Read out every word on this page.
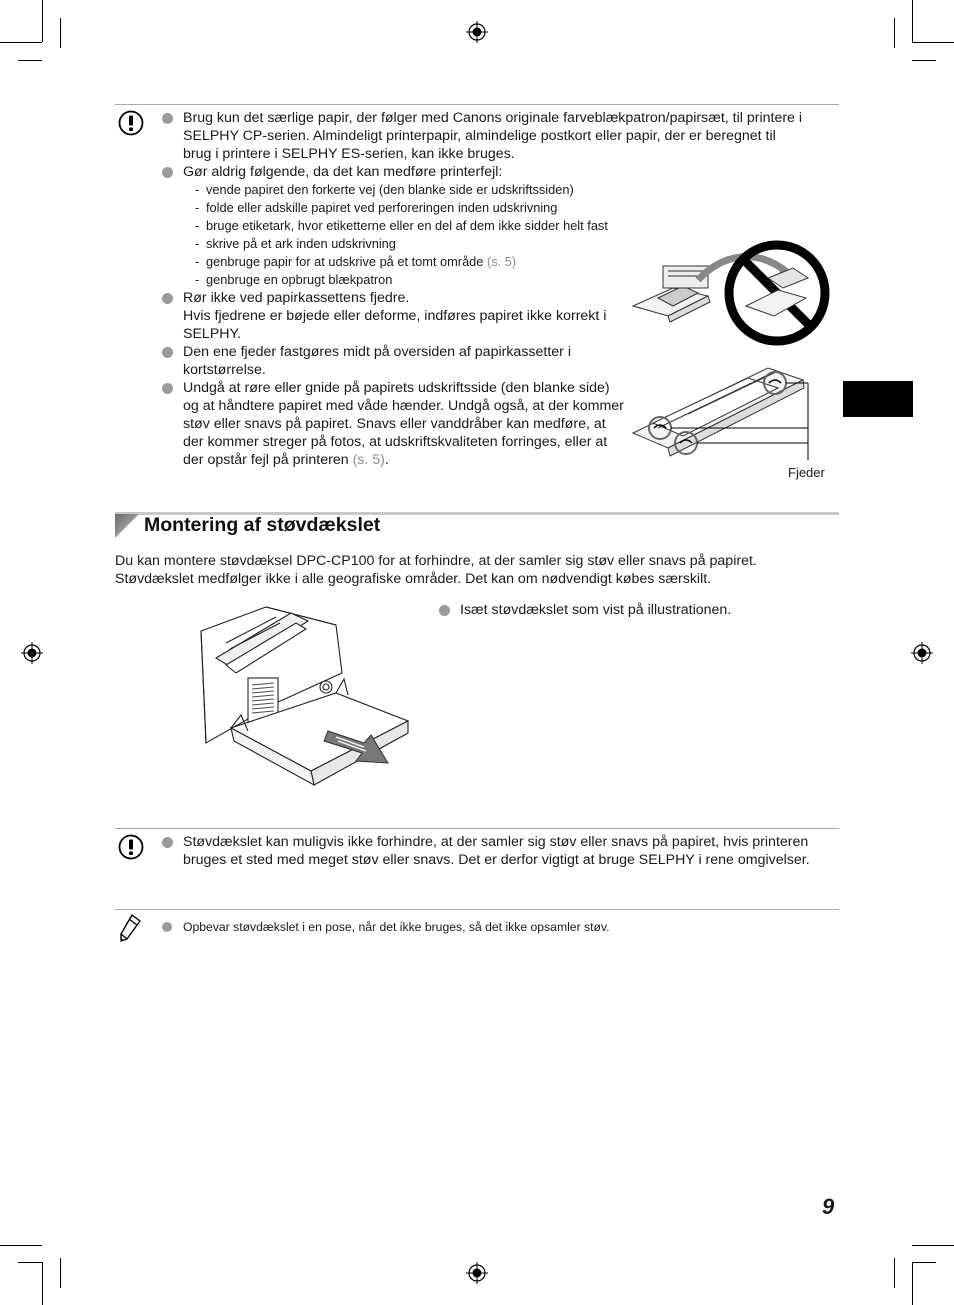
Brug kun det særlige papir, der følger med Canons originale farveblækpatron/papirsæt, til printere i SELPHY CP-serien. Almindeligt printerpapir, almindelige postkort eller papir, der er beregnet til brug i printere i SELPHY ES-serien, kan ikke bruges.
Gør aldrig følgende, da det kan medføre printerfejl:
- vende papiret den forkerte vej (den blanke side er udskriftssiden)
- folde eller adskille papiret ved perforeringen inden udskrivning
- bruge etiketark, hvor etiketterne eller en del af dem ikke sidder helt fast
- skrive på et ark inden udskrivning
- genbruge papir for at udskrive på et tomt område (s. 5)
- genbruge en opbrugt blækpatron
Rør ikke ved papirkassettens fjedre.
Hvis fjedrene er bøjede eller deforme, indføres papiret ikke korrekt i SELPHY.
Den ene fjeder fastgøres midt på oversiden af papirkassetter i kortstørrelse.
Undgå at røre eller gnide på papirets udskriftsside (den blanke side) og at håndtere papiret med våde hænder. Undgå også, at der kommer støv eller snavs på papiret. Snavs eller vanddråber kan medføre, at der kommer streger på fotos, at udskriftskvaliteten forringes, eller at der opstår fejl på printeren (s. 5).
Fjeder
Montering af støvdækslet
Du kan montere støvdæksel DPC-CP100 for at forhindre, at der samler sig støv eller snavs på papiret. Støvdækslet medfølger ikke i alle geografiske områder. Det kan om nødvendigt købes særskilt.
Isæt støvdækslet som vist på illustrationen.
Støvdækslet kan muligvis ikke forhindre, at der samler sig støv eller snavs på papiret, hvis printeren bruges et sted med meget støv eller snavs. Det er derfor vigtigt at bruge SELPHY i rene omgivelser.
Opbevar støvdækslet i en pose, når det ikke bruges, så det ikke opsamler støv.
9
